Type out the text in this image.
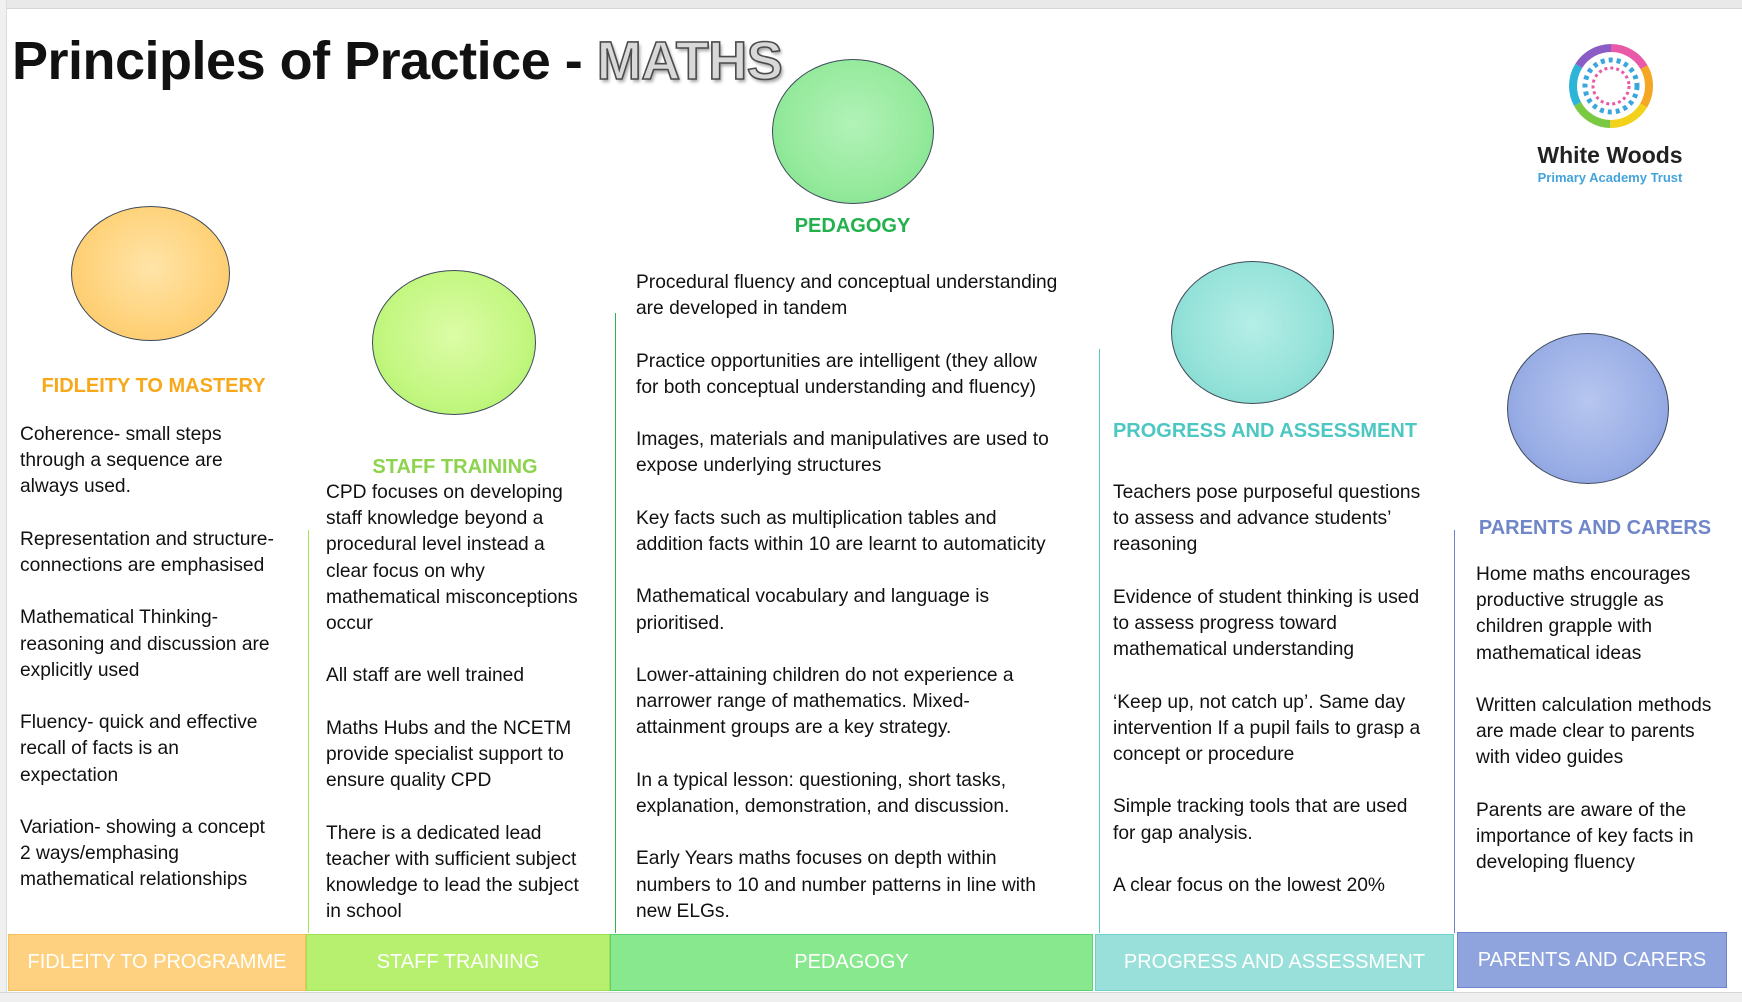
Principles of Practice - MATHS
White Woods
Primary Academy Trust
FIDLEITY TO MASTERY
STAFF TRAINING
PEDAGOGY
PROGRESS AND ASSESSMENT
PARENTS AND CARERS

Coherence- small steps
through a sequence are
always used.

Representation and structure-
connections are emphasised

Mathematical Thinking-
reasoning and discussion are
explicitly used

Fluency- quick and effective
recall of facts is an
expectation

Variation- showing a concept
2 ways/emphasing
mathematical relationships

CPD focuses on developing
staff knowledge beyond a
procedural level instead a
clear focus on why
mathematical misconceptions
occur

All staff are well trained

Maths Hubs and the NCETM
provide specialist support to
ensure quality CPD

There is a dedicated lead
teacher with sufficient subject
knowledge to lead the subject
in school

Procedural fluency and conceptual understanding
are developed in tandem

Practice opportunities are intelligent (they allow
for both conceptual understanding and fluency)

Images, materials and manipulatives are used to
expose underlying structures

Key facts such as multiplication tables and
addition facts within 10 are learnt to automaticity

Mathematical vocabulary and language is
prioritised.

Lower-attaining children do not experience a
narrower range of mathematics. Mixed-
attainment groups are a key strategy.

In a typical lesson: questioning, short tasks,
explanation, demonstration, and discussion.

Early Years maths focuses on depth within
numbers to 10 and number patterns in line with
new ELGs.

Teachers pose purposeful questions
to assess and advance students’
reasoning

Evidence of student thinking is used
to assess progress toward
mathematical understanding

‘Keep up, not catch up’. Same day
intervention If a pupil fails to grasp a
concept or procedure

Simple tracking tools that are used
for gap analysis.

A clear focus on the lowest 20%

Home maths encourages
productive struggle as
children grapple with
mathematical ideas

Written calculation methods
are made clear to parents
with video guides

Parents are aware of the
importance of key facts in
developing fluency

FIDLEITY TO PROGRAMME	STAFF TRAINING	PEDAGOGY	PROGRESS AND ASSESSMENT	PARENTS AND CARERS
